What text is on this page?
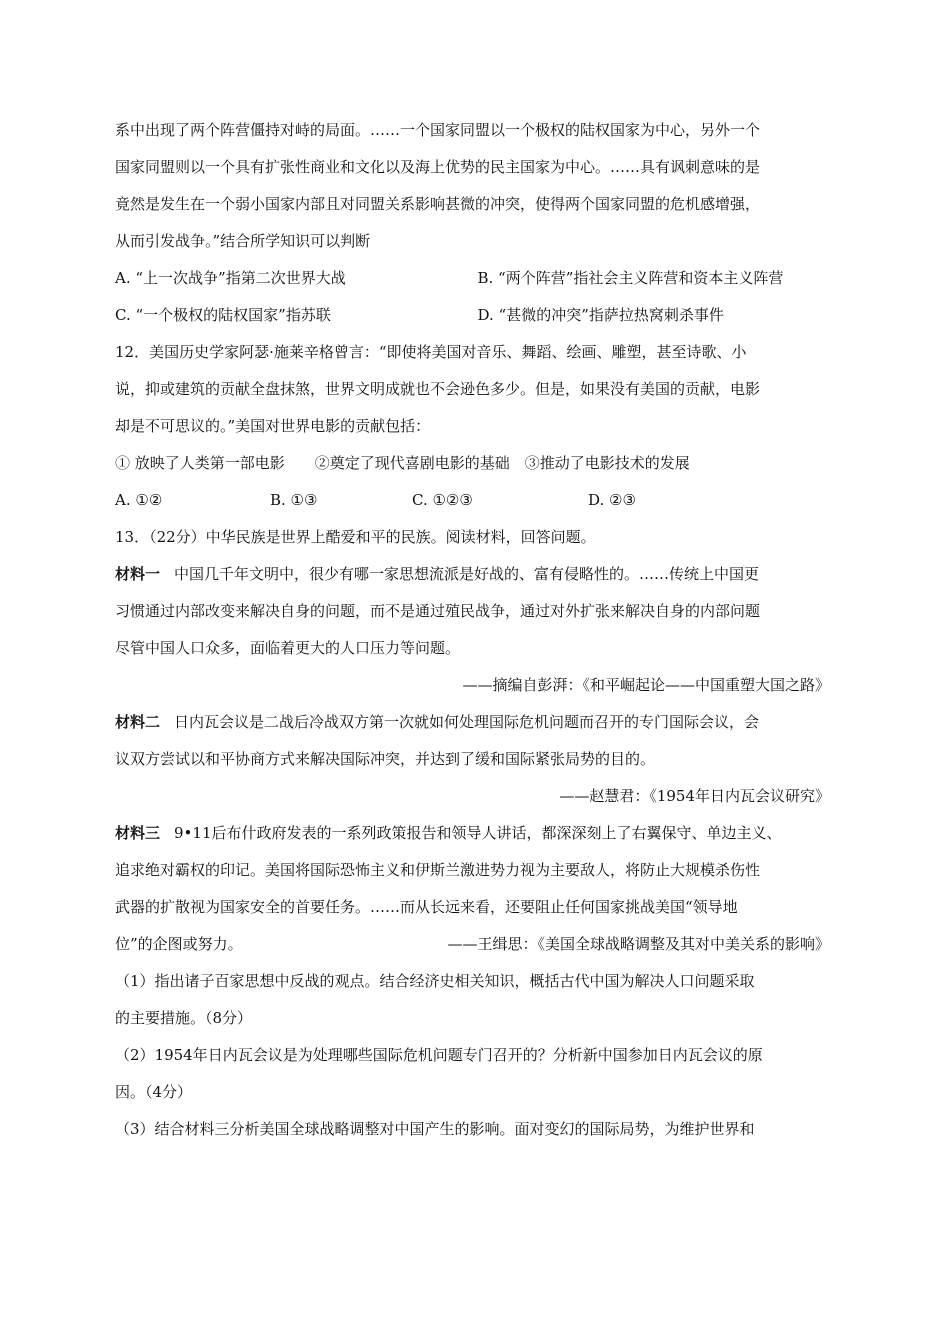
系中出现了两个阵营僵持对峙的局面。……一个国家同盟以一个极权的陆权国家为中心，另外一个
国家同盟则以一个具有扩张性商业和文化以及海上优势的民主国家为中心。……具有讽刺意味的是
竟然是发生在一个弱小国家内部且对同盟关系影响甚微的冲突，使得两个国家同盟的危机感增强，
从而引发战争。”结合所学知识可以判断
A. “上一次战争”指第二次世界大战	B. “两个阵营”指社会主义阵营和资本主义阵营
C. “一个极权的陆权国家”指苏联	D. “甚微的冲突”指萨拉热窝刺杀事件
12．美国历史学家阿瑟·施莱辛格曾言：“即使将美国对音乐、舞蹈、绘画、雕塑，甚至诗歌、小
说，抑或建筑的贡献全盘抹煞，世界文明成就也不会逊色多少。但是，如果没有美国的贡献，电影
却是不可思议的。”美国对世界电影的贡献包括：
① 放映了人类第一部电影　　②奠定了现代喜剧电影的基础　③推动了电影技术的发展
A. ①②	B. ①③	C. ①②③	D. ②③
13．（22分）中华民族是世界上酷爱和平的民族。阅读材料，回答问题。
材料一 中国几千年文明中，很少有哪一家思想流派是好战的、富有侵略性的。……传统上中国更
习惯通过内部改变来解决自身的问题，而不是通过殖民战争，通过对外扩张来解决自身的内部问题
尽管中国人口众多，面临着更大的人口压力等问题。
——摘编自彭湃：《和平崛起论——中国重塑大国之路》
材料二 日内瓦会议是二战后冷战双方第一次就如何处理国际危机问题而召开的专门国际会议，会
议双方尝试以和平协商方式来解决国际冲突，并达到了缓和国际紧张局势的目的。
——赵慧君：《1954年日内瓦会议研究》
材料三 9•11后布什政府发表的一系列政策报告和领导人讲话，都深深刻上了右翼保守、单边主义、
追求绝对霸权的印记。美国将国际恐怖主义和伊斯兰激进势力视为主要敌人，将防止大规模杀伤性
武器的扩散视为国家安全的首要任务。……而从长远来看，还要阻止任何国家挑战美国“领导地
位”的企图或努力。	——王缉思：《美国全球战略调整及其对中美关系的影响》
（1）指出诸子百家思想中反战的观点。结合经济史相关知识，概括古代中国为解决人口问题采取
的主要措施。（8分）
（2）1954年日内瓦会议是为处理哪些国际危机问题专门召开的？分析新中国参加日内瓦会议的原
因。（4分）
（3）结合材料三分析美国全球战略调整对中国产生的影响。面对变幻的国际局势，为维护世界和
